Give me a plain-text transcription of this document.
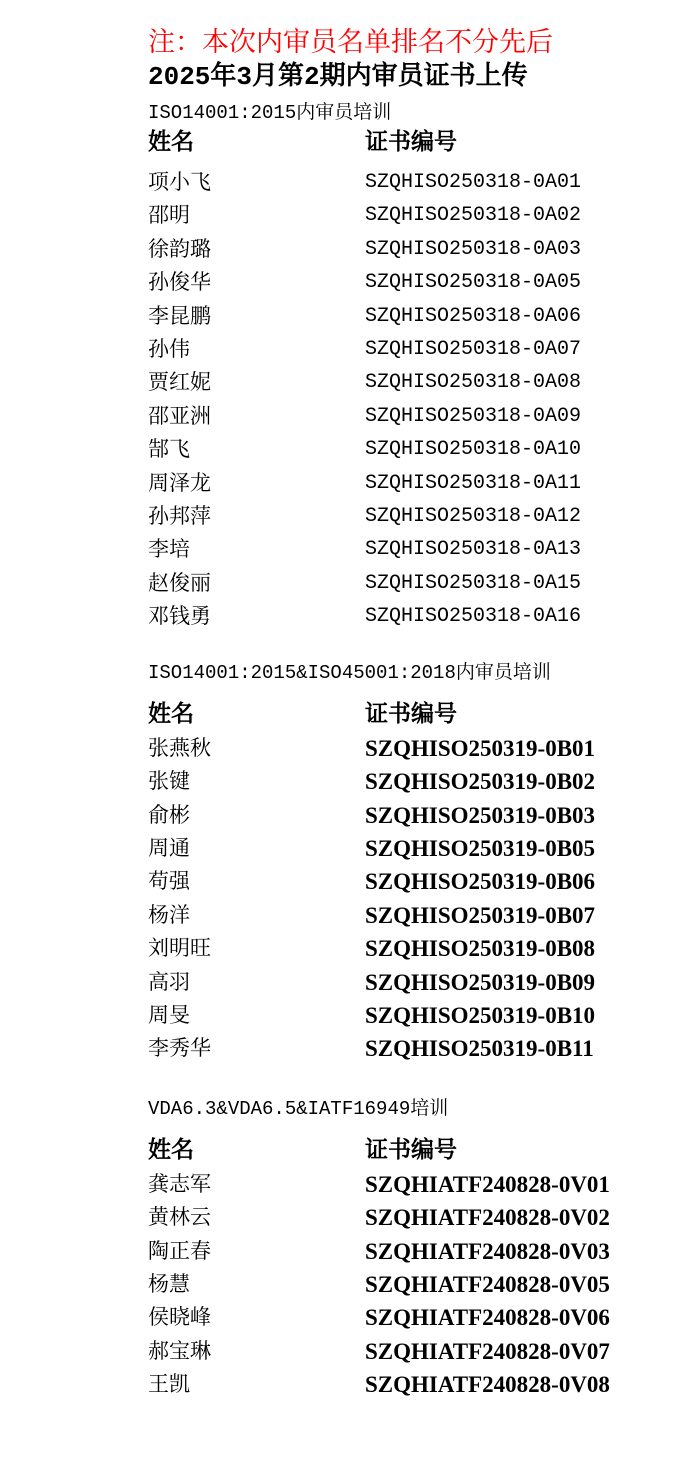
注：本次内审员名单排名不分先后
2025年3月第2期内审员证书上传
ISO14001:2015内审员培训
姓名	证书编号
项小飞	SZQHISO250318-0A01
邵明	SZQHISO250318-0A02
徐韵璐	SZQHISO250318-0A03
孙俊华	SZQHISO250318-0A05
李昆鹏	SZQHISO250318-0A06
孙伟	SZQHISO250318-0A07
贾红妮	SZQHISO250318-0A08
邵亚洲	SZQHISO250318-0A09
郜飞	SZQHISO250318-0A10
周泽龙	SZQHISO250318-0A11
孙邦萍	SZQHISO250318-0A12
李培	SZQHISO250318-0A13
赵俊丽	SZQHISO250318-0A15
邓钱勇	SZQHISO250318-0A16
ISO14001:2015&ISO45001:2018内审员培训
姓名	证书编号
张燕秋	SZQHISO250319-0B01
张键	SZQHISO250319-0B02
俞彬	SZQHISO250319-0B03
周通	SZQHISO250319-0B05
苟强	SZQHISO250319-0B06
杨洋	SZQHISO250319-0B07
刘明旺	SZQHISO250319-0B08
高羽	SZQHISO250319-0B09
周旻	SZQHISO250319-0B10
李秀华	SZQHISO250319-0B11
VDA6.3&VDA6.5&IATF16949培训
姓名	证书编号
龚志军	SZQHIATF240828-0V01
黄林云	SZQHIATF240828-0V02
陶正春	SZQHIATF240828-0V03
杨慧	SZQHIATF240828-0V05
侯晓峰	SZQHIATF240828-0V06
郝宝琳	SZQHIATF240828-0V07
王凯	SZQHIATF240828-0V08
